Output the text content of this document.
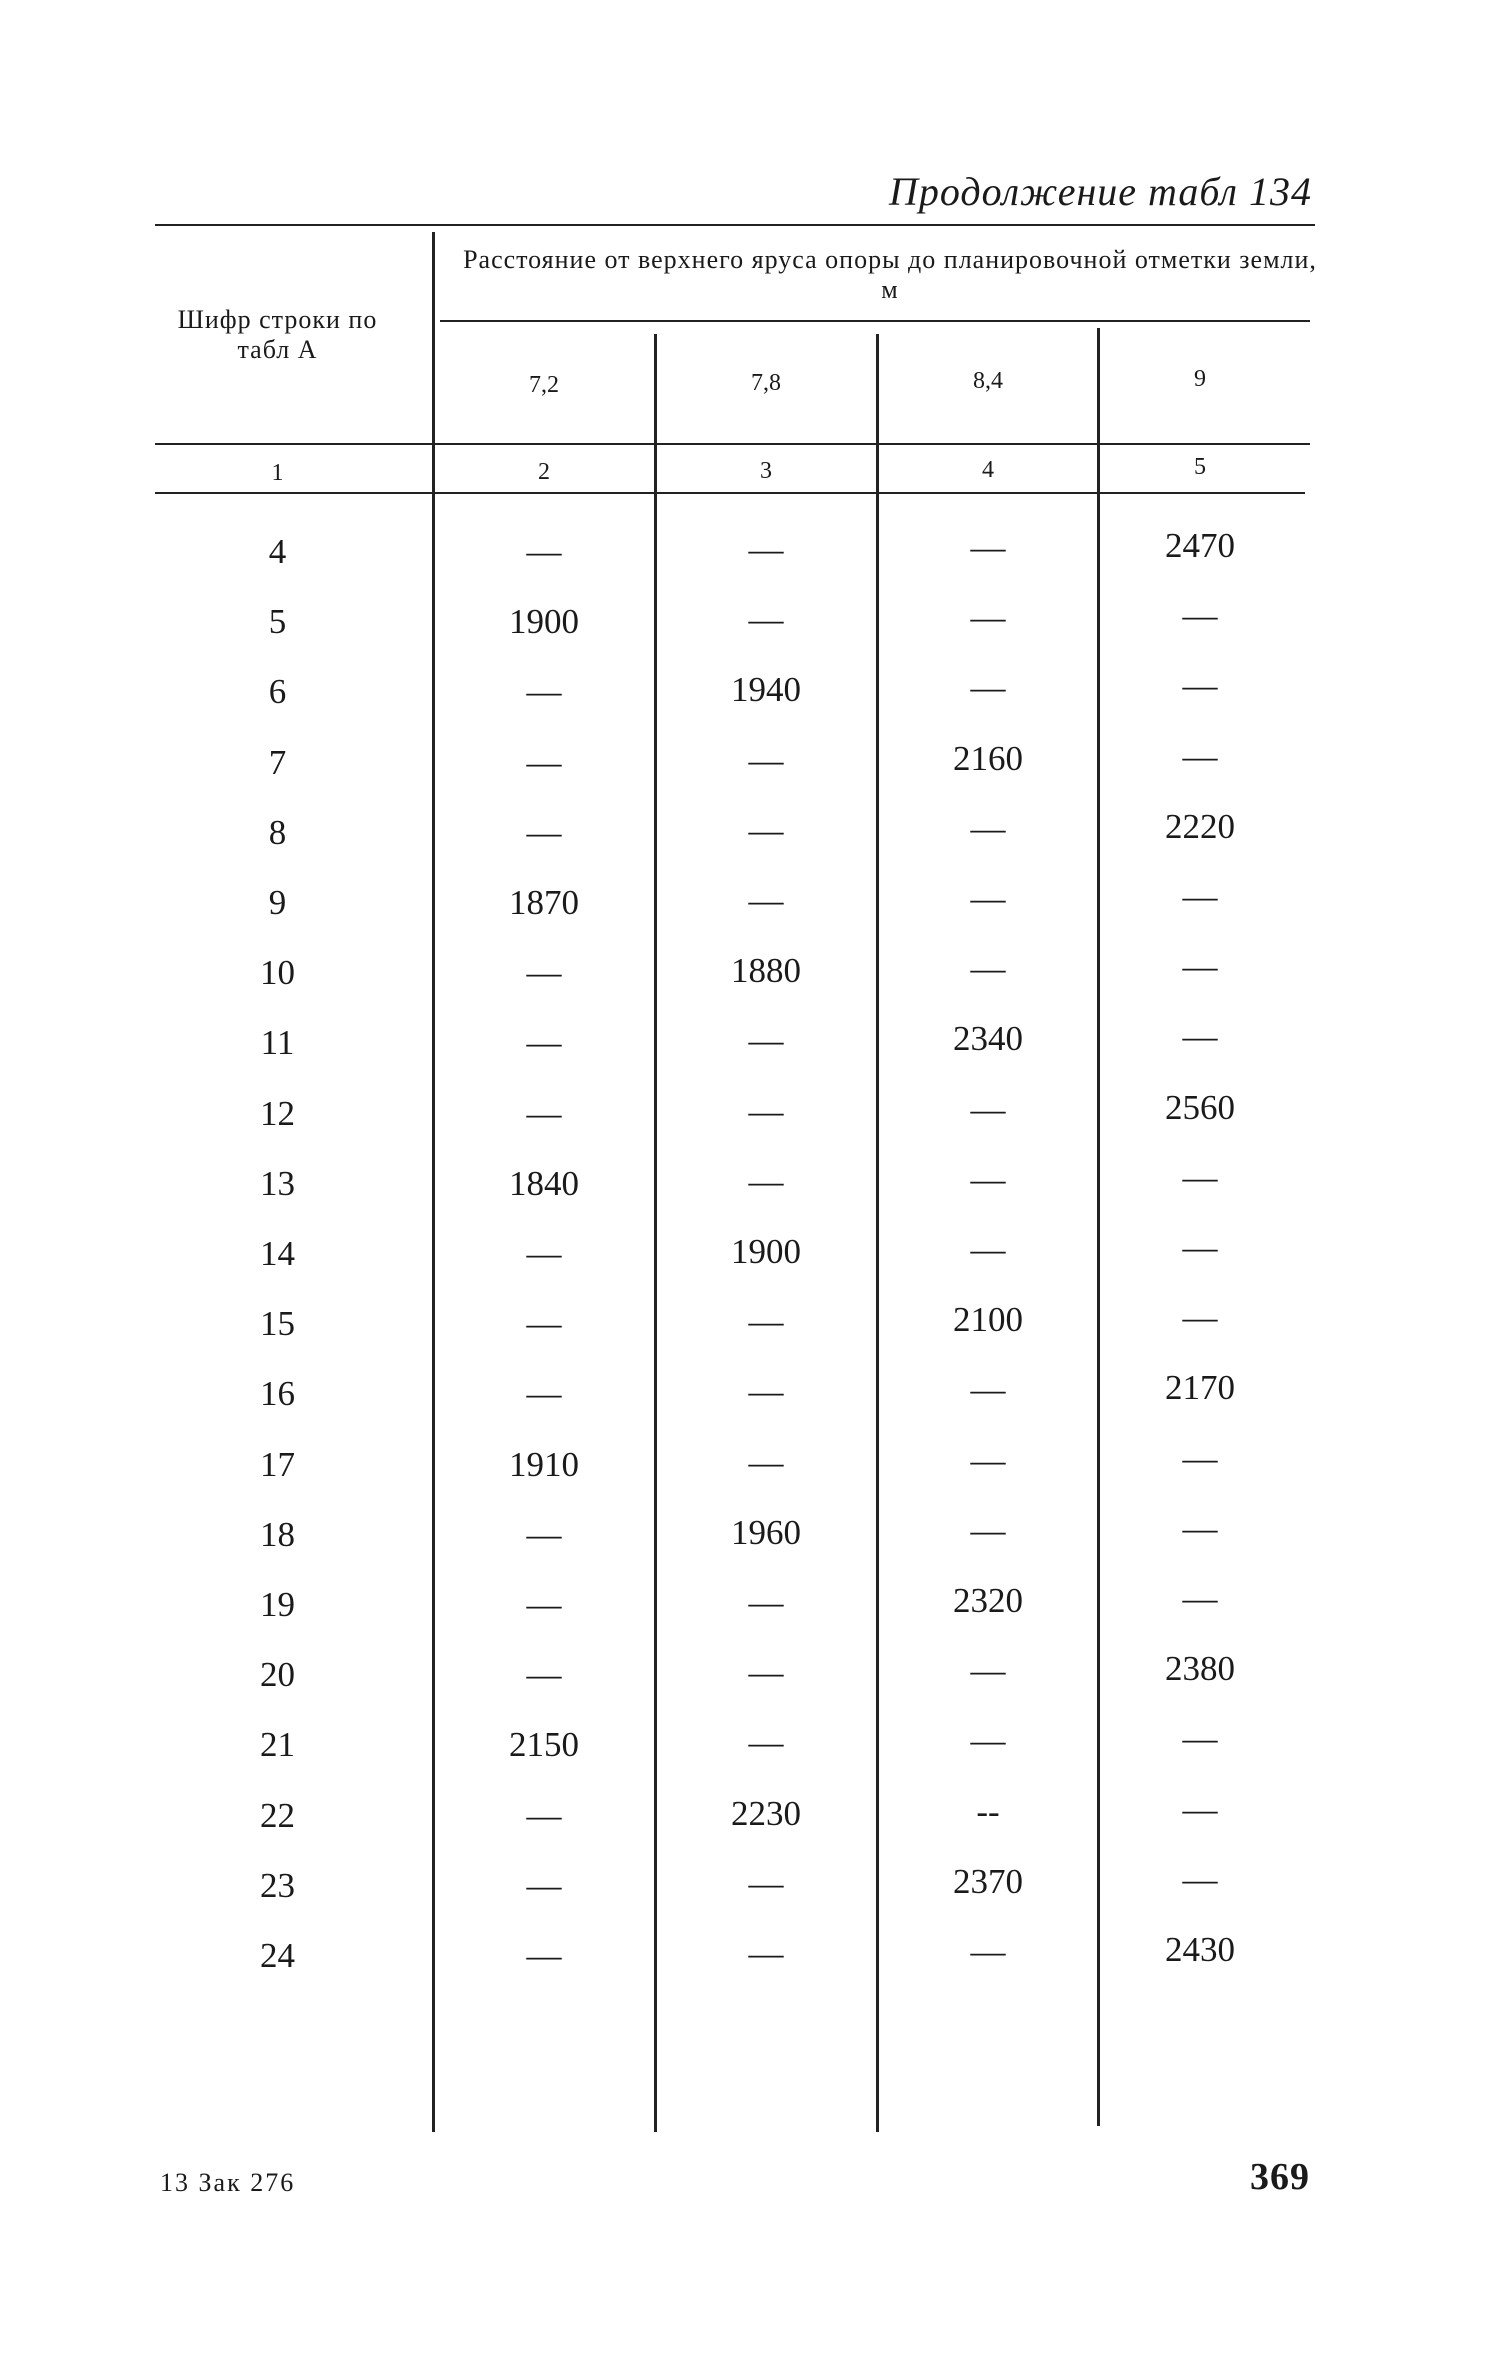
Продолжение табл 134
Шифр строки по табл А
Расстояние от верхнего яруса опоры до планировочной отметки земли, м
7,2	7,8	8,4	9
1	2	3	4	5
4	—	—	—	2470
5	1900	—	—	—
6	—	1940	—	—
7	—	—	2160	—
8	—	—	—	2220
9	1870	—	—	—
10	—	1880	—	—
11	—	—	2340	—
12	—	—	—	2560
13	1840	—	—	—
14	—	1900	—	—
15	—	—	2100	—
16	—	—	—	2170
17	1910	—	—	—
18	—	1960	—	—
19	—	—	2320	—
20	—	—	—	2380
21	2150	—	—	—
22	—	2230	--	—
23	—	—	2370	—
24	—	—	—	2430
13 Зак 276	369
